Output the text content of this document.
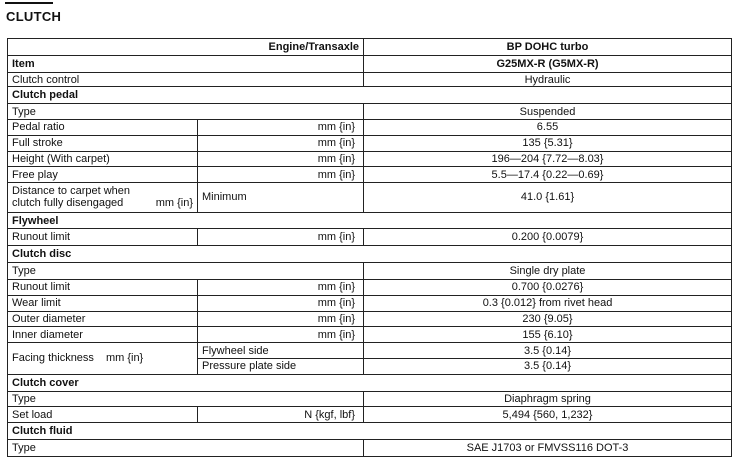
CLUTCH
Engine/Transaxle		BP DOHC turbo
Item		G25MX-R (G5MX-R)
Clutch control		Hydraulic
Clutch pedal		
Type		Suspended
Pedal ratio	mm {in}	6.55
Full stroke	mm {in}	135 {5.31}
Height (With carpet)	mm {in}	196—204 {7.72—8.03}
Free play	mm {in}	5.5—17.4 {0.22—0.69}

Distance to carpet when clutch fully disengaged mm {in}	Minimum	41.0 {1.61}
Flywheel		
Runout limit	mm {in}	0.200 {0.0079}
Clutch disc		
Type		Single dry plate
Runout limit	mm {in}	0.700 {0.0276}
Wear limit	mm {in}	0.3 {0.012} from rivet head
Outer diameter	mm {in}	230 {9.05}
Inner diameter	mm {in}	155 {6.10}
Facing thickness mm {in}	Flywheel side	3.5 {0.14}
	Pressure plate side	3.5 {0.14}
Clutch cover		
Type		Diaphragm spring
Set load	N {kgf, lbf}	5,494 {560, 1,232}
Clutch fluid		
Type		SAE J1703 or FMVSS116 DOT-3
